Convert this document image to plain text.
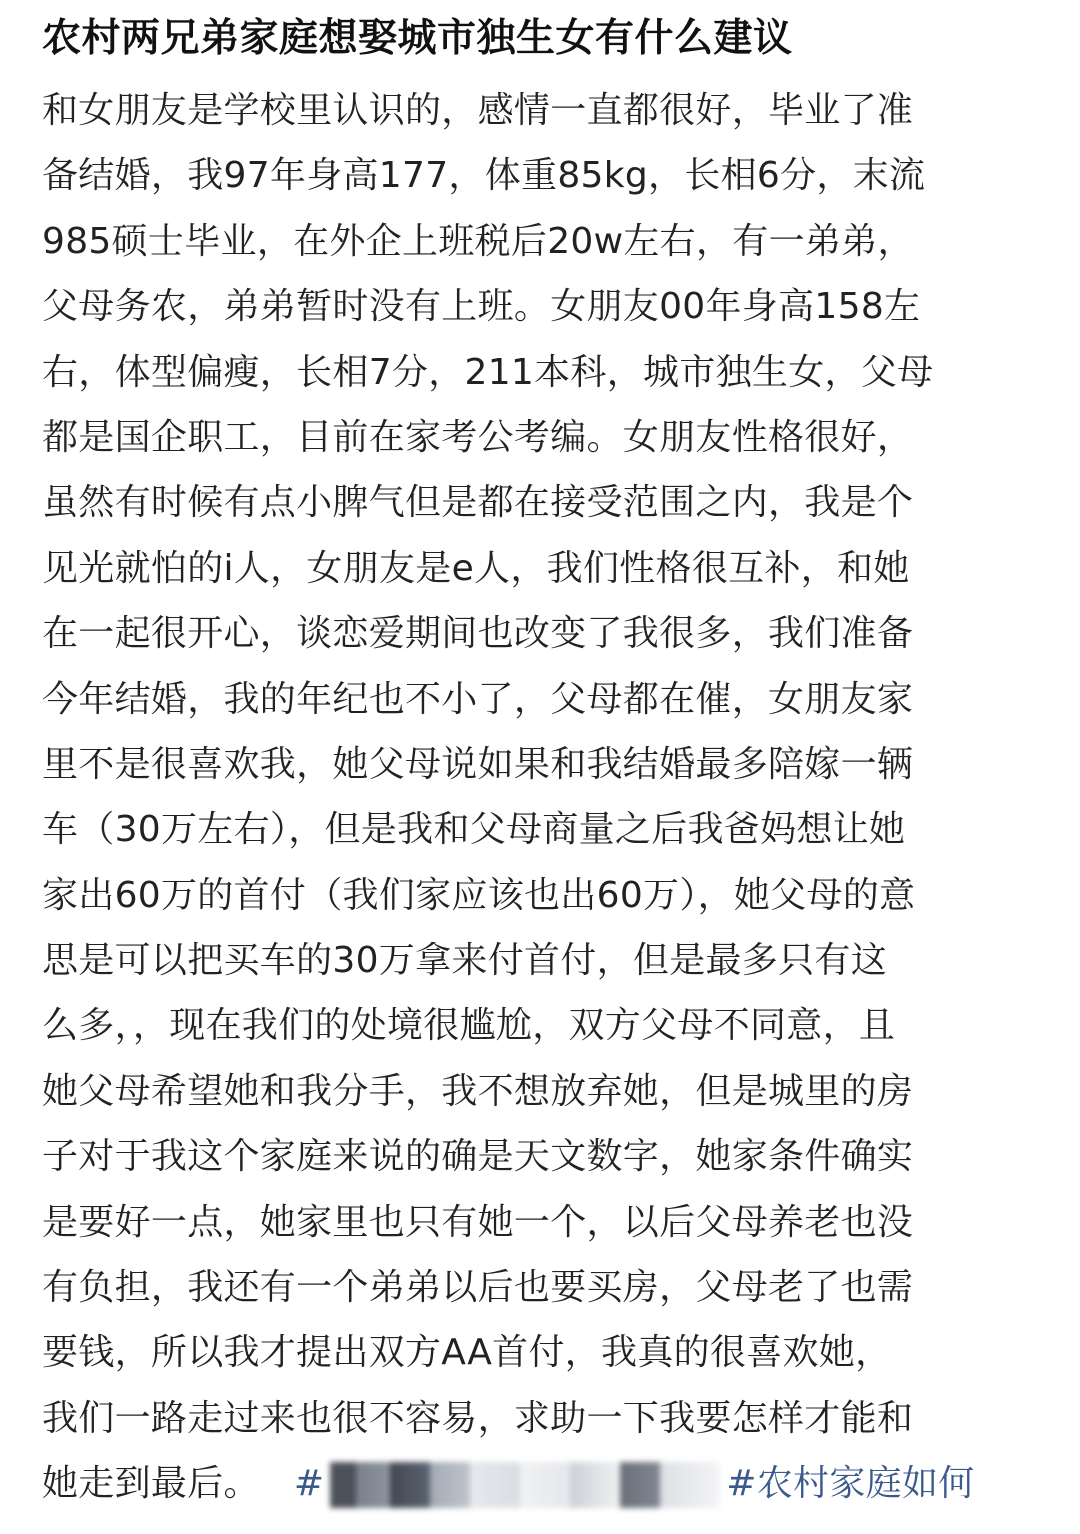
农村两兄弟家庭想娶城市独生女有什么建议
和女朋友是学校里认识的，感情一直都很好，毕业了准
备结婚，我97年身高177，体重85kg，长相6分，末流
985硕士毕业，在外企上班税后20w左右，有一弟弟，
父母务农，弟弟暂时没有上班。女朋友00年身高158左
右，体型偏瘦，长相7分，211本科，城市独生女，父母
都是国企职工，目前在家考公考编。女朋友性格很好，
虽然有时候有点小脾气但是都在接受范围之内，我是个
见光就怕的i人，女朋友是e人，我们性格很互补，和她
在一起很开心，谈恋爱期间也改变了我很多，我们准备
今年结婚，我的年纪也不小了，父母都在催，女朋友家
里不是很喜欢我，她父母说如果和我结婚最多陪嫁一辆
车（30万左右），但是我和父母商量之后我爸妈想让她
家出60万的首付（我们家应该也出60万），她父母的意
思是可以把买车的30万拿来付首付，但是最多只有这
么多，，现在我们的处境很尴尬，双方父母不同意，且
她父母希望她和我分手，我不想放弃她，但是城里的房
子对于我这个家庭来说的确是天文数字，她家条件确实
是要好一点，她家里也只有她一个，以后父母养老也没
有负担，我还有一个弟弟以后也要买房，父母老了也需
要钱，所以我才提出双方AA首付，我真的很喜欢她，
我们一路走过来也很不容易，求助一下我要怎样才能和
她走到最后。 #	#农村家庭如何
